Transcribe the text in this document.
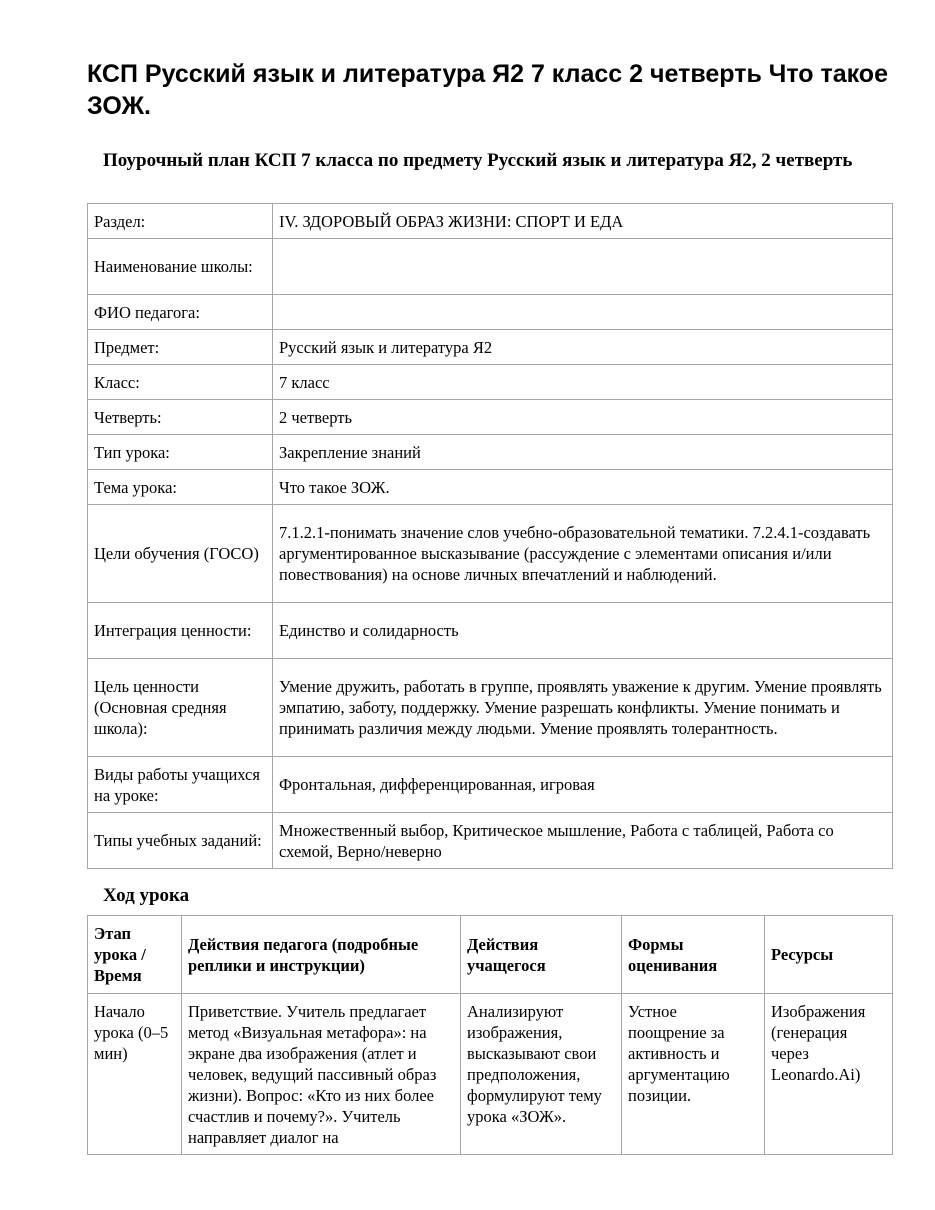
КСП Русский язык и литература Я2 7 класс 2 четверть Что такое ЗОЖ.
Поурочный план КСП 7 класса по предмету Русский язык и литература Я2, 2 четверть
Раздел:	IV. ЗДОРОВЫЙ ОБРАЗ ЖИЗНИ: СПОРТ И ЕДА
Наименование школы:	
ФИО педагога:	
Предмет:	Русский язык и литература Я2
Класс:	7 класс
Четверть:	2 четверть
Тип урока:	Закрепление знаний
Тема урока:	Что такое ЗОЖ.
Цели обучения (ГОСО)	7.1.2.1-понимать значение слов учебно-образовательной тематики. 7.2.4.1-создавать аргументированное высказывание (рассуждение с элементами описания и/или повествования) на основе личных впечатлений и наблюдений.
Интеграция ценности:	Единство и солидарность
Цель ценности (Основная средняя школа):	Умение дружить, работать в группе, проявлять уважение к другим. Умение проявлять эмпатию, заботу, поддержку. Умение разрешать конфликты. Умение понимать и принимать различия между людьми. Умение проявлять толерантность.
Виды работы учащихся на уроке:	Фронтальная, дифференцированная, игровая
Типы учебных заданий:	Множественный выбор, Критическое мышление, Работа с таблицей, Работа со схемой, Верно/неверно
Ход урока
Этап урока / Время	Действия педагога (подробные реплики и инструкции)	Действия учащегося	Формы оценивания	Ресурсы
Начало урока (0–5 мин)	Приветствие. Учитель предлагает метод «Визуальная метафора»: на экране два изображения (атлет и человек, ведущий пассивный образ жизни). Вопрос: «Кто из них более счастлив и почему?». Учитель направляет диалог на	Анализируют изображения, высказывают свои предположения, формулируют тему урока «ЗОЖ».	Устное поощрение за активность и аргументацию позиции.	Изображения (генерация через Leonardo.Ai)
